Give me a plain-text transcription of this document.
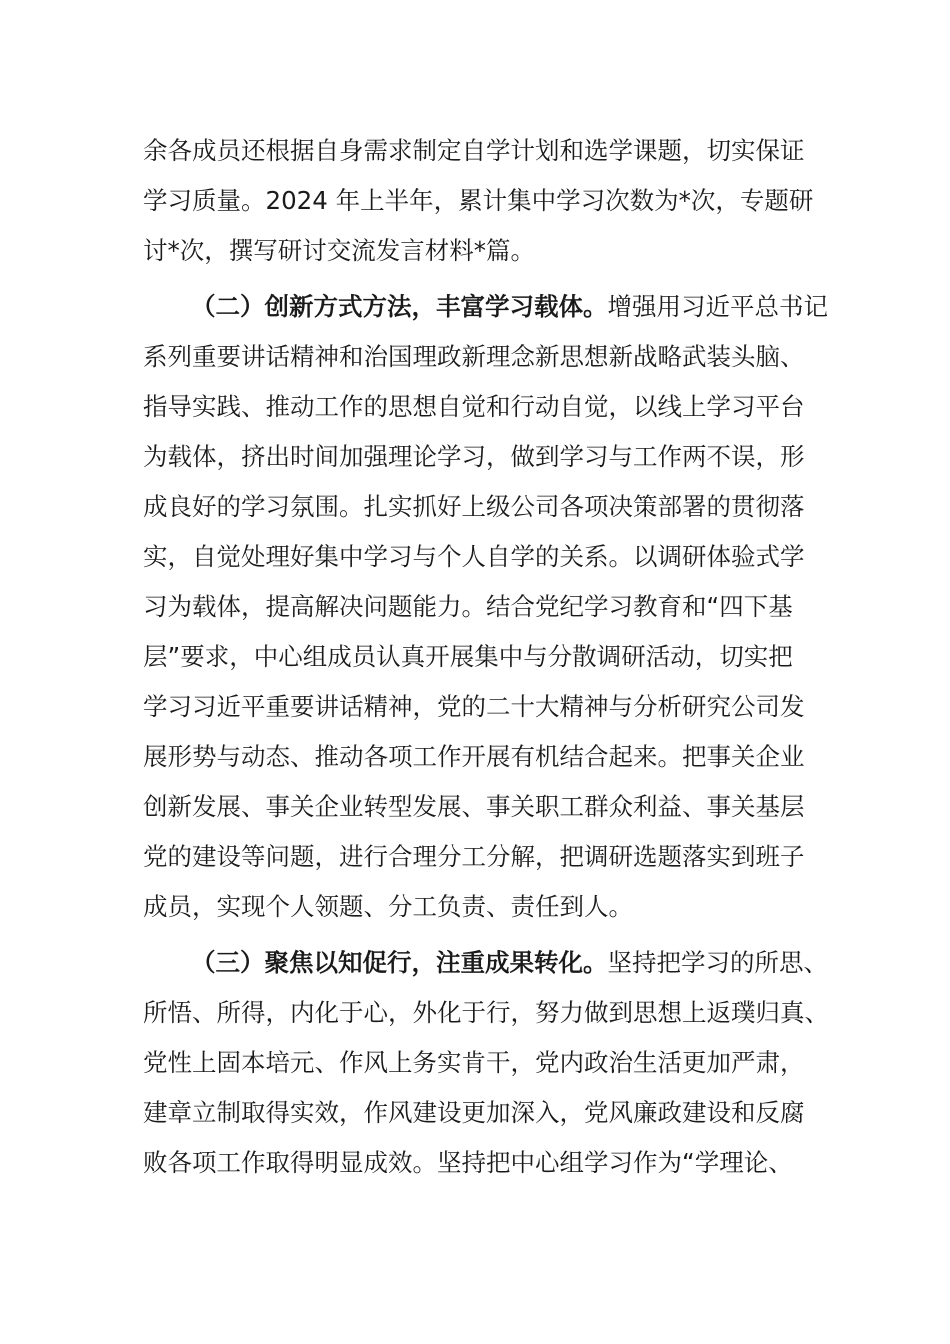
余各成员还根据自身需求制定自学计划和选学课题，切实保证
学习质量。2024 年上半年，累计集中学习次数为*次，专题研
讨*次，撰写研讨交流发言材料*篇。
（二）创新方式方法，丰富学习载体。增强用习近平总书记
系列重要讲话精神和治国理政新理念新思想新战略武装头脑、
指导实践、推动工作的思想自觉和行动自觉，以线上学习平台
为载体，挤出时间加强理论学习，做到学习与工作两不误，形
成良好的学习氛围。扎实抓好上级公司各项决策部署的贯彻落
实，自觉处理好集中学习与个人自学的关系。以调研体验式学
习为载体，提高解决问题能力。结合党纪学习教育和“四下基
层”要求，中心组成员认真开展集中与分散调研活动，切实把
学习习近平重要讲话精神，党的二十大精神与分析研究公司发
展形势与动态、推动各项工作开展有机结合起来。把事关企业
创新发展、事关企业转型发展、事关职工群众利益、事关基层
党的建设等问题，进行合理分工分解，把调研选题落实到班子
成员，实现个人领题、分工负责、责任到人。
（三）聚焦以知促行，注重成果转化。坚持把学习的所思、
所悟、所得，内化于心，外化于行，努力做到思想上返璞归真、
党性上固本培元、作风上务实肯干，党内政治生活更加严肃，
建章立制取得实效，作风建设更加深入，党风廉政建设和反腐
败各项工作取得明显成效。坚持把中心组学习作为“学理论、
